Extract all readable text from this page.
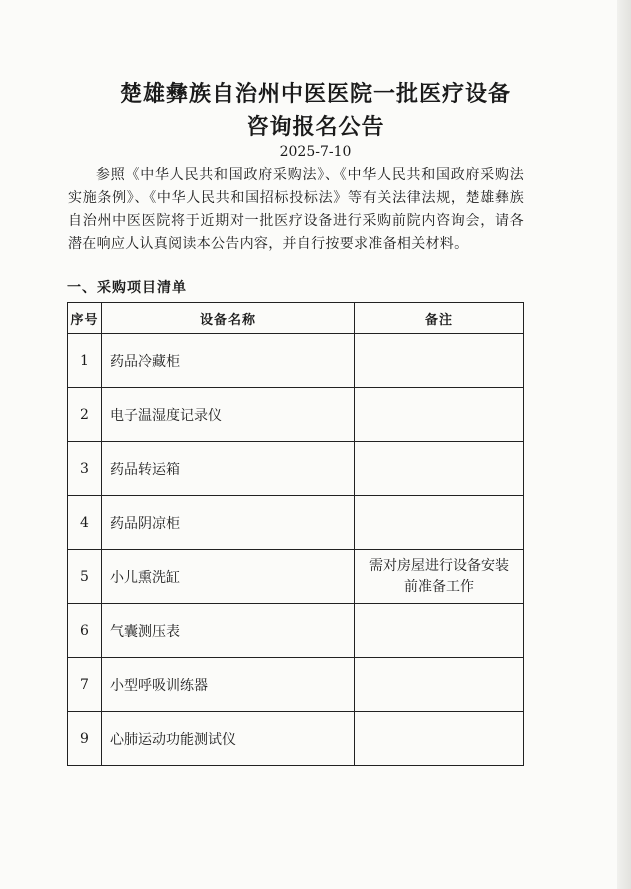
楚雄彝族自治州中医医院一批医疗设备
咨询报名公告
2025-7-10

参照《中华人民共和国政府采购法》、《中华人民共和国政府采购法实施条例》、《中华人民共和国招标投标法》等有关法律法规，楚雄彝族自治州中医医院将于近期对一批医疗设备进行采购前院内咨询会，请各潜在响应人认真阅读本公告内容，并自行按要求准备相关材料。

一、采购项目清单
序号	设备名称	备注
1	药品冷藏柜	
2	电子温湿度记录仪	
3	药品转运箱	
4	药品阴凉柜	
5	小儿熏洗缸	需对房屋进行设备安装前准备工作
6	气囊测压表	
7	小型呼吸训练器	
9	心肺运动功能测试仪	
